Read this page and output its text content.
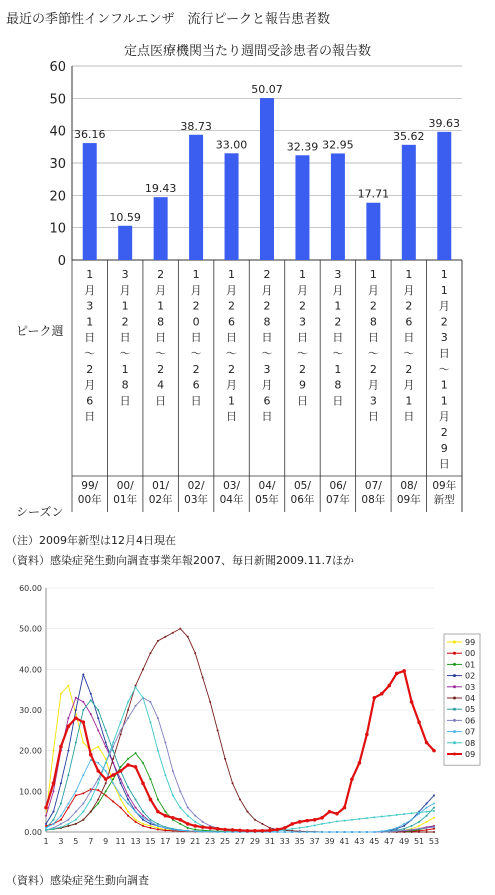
最近の季節性インフルエンザ　流行ピークと報告患者数
定点医療機関当たり週間受診患者の報告数
0
10
20
30
40
50
60
36.16
10.59
19.43
38.73
33.00
50.07
32.39 32.95
17.71
35.62
39.63
1 月 3 1 日〜 2 月 6 日
99/
00年
3 月 1 2 日〜 1 8 日
00/
01年
2 月 1 8 日〜 2 4 日
01/
02年
1 月 2 0 日〜 2 6 日
02/
03年
1 月 2 6 日〜 2 月 1 日
03/
04年
2 月 2 8 日〜 3 月 6 日
04/
05年
1 月 2 3 日〜 2 9 日
05/
06年
3 月 1 2 日〜 1 8 日
06/
07年
1 月 2 8 日〜 2 月 3 日
07/
08年
1 月 2 6 日〜 2 月 1 日
08/
09年
1 1 月 2 3 日〜 1 1 月 2 9 日
09年
新型
ピーク週
シーズン
（注）2009年新型は12月4日現在
（資料）感染症発生動向調査事業年報2007、毎日新聞2009.11.7ほか
0.00
10.00
20.00
30.00
40.00
50.00
60.00
1 3 5 7 9 11 13 15 17 19 21 23 25 27 29 31 33 35 37 39 41 43 45 47 49 51 53
99
00
01
02
03
04
05
06
07
08
09
（資料）感染症発生動向調査
